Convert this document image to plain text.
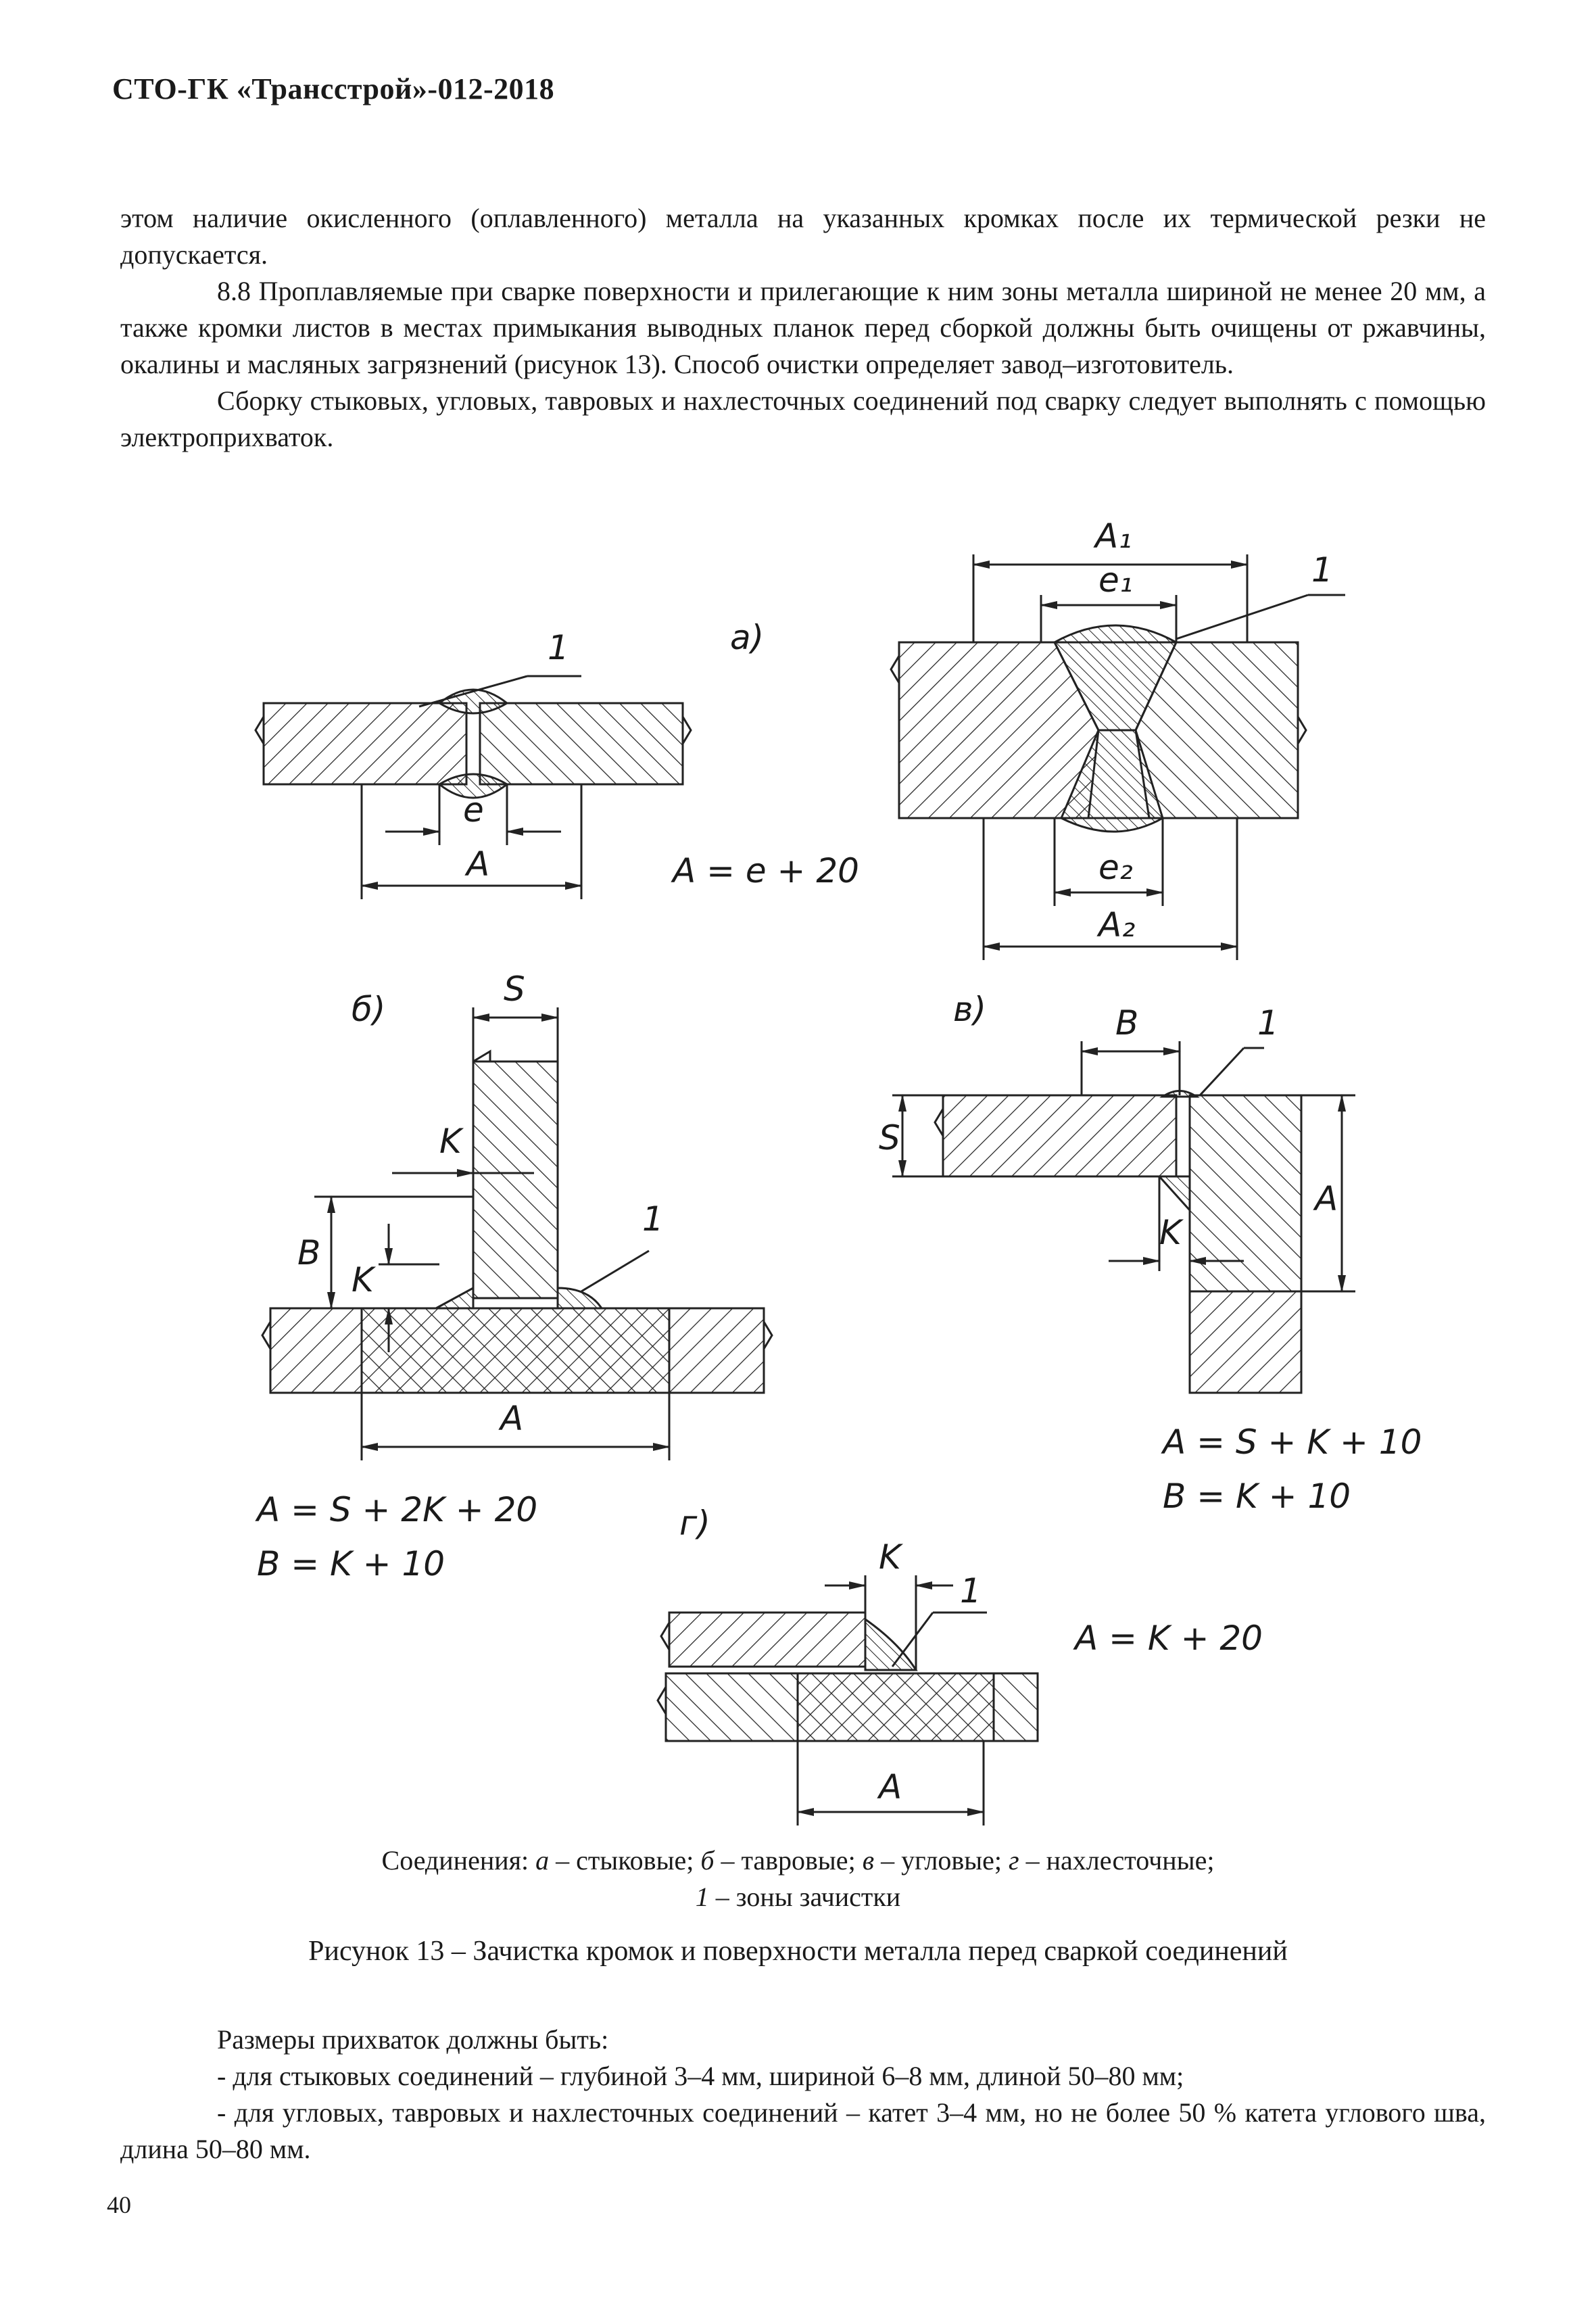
СТО-ГК «Трансстрой»-012-2018

этом наличие окисленного (оплавленного) металла на указанных кромках после их термической резки не допускается.

8.8 Проплавляемые при сварке поверхности и прилегающие к ним зоны металла шириной не менее 20 мм, а также кромки листов в местах примыкания выводных планок перед сборкой должны быть очищены от ржавчины, окалины и масляных загрязнений (рисунок 13). Способ очистки определяет завод–изготовитель.

Сборку стыковых, угловых, тавровых и нахлесточных соединений под сварку следует выполнять с помощью электроприхваток.

а)
1
e
A	A = e + 20
A₁
e₁	1
e₂
A₂
б)
S
K
B
K
1
A
A = S + 2K + 20
B = K + 10
в)	B	1
S
K
A
A = S + K + 10
B = K + 10
г)
K
1
A = K + 20
A
Соединения: а – стыковые; б – тавровые; в – угловые; г – нахлесточные;
1 – зоны зачистки
Рисунок 13 – Зачистка кромок и поверхности металла перед сваркой соединений

Размеры прихваток должны быть:

- для стыковых соединений – глубиной 3–4 мм, шириной 6–8 мм, длиной 50–80 мм;

- для угловых, тавровых и нахлесточных соединений – катет 3–4 мм, но не более 50 % катета углового шва, длина 50–80 мм.

40
